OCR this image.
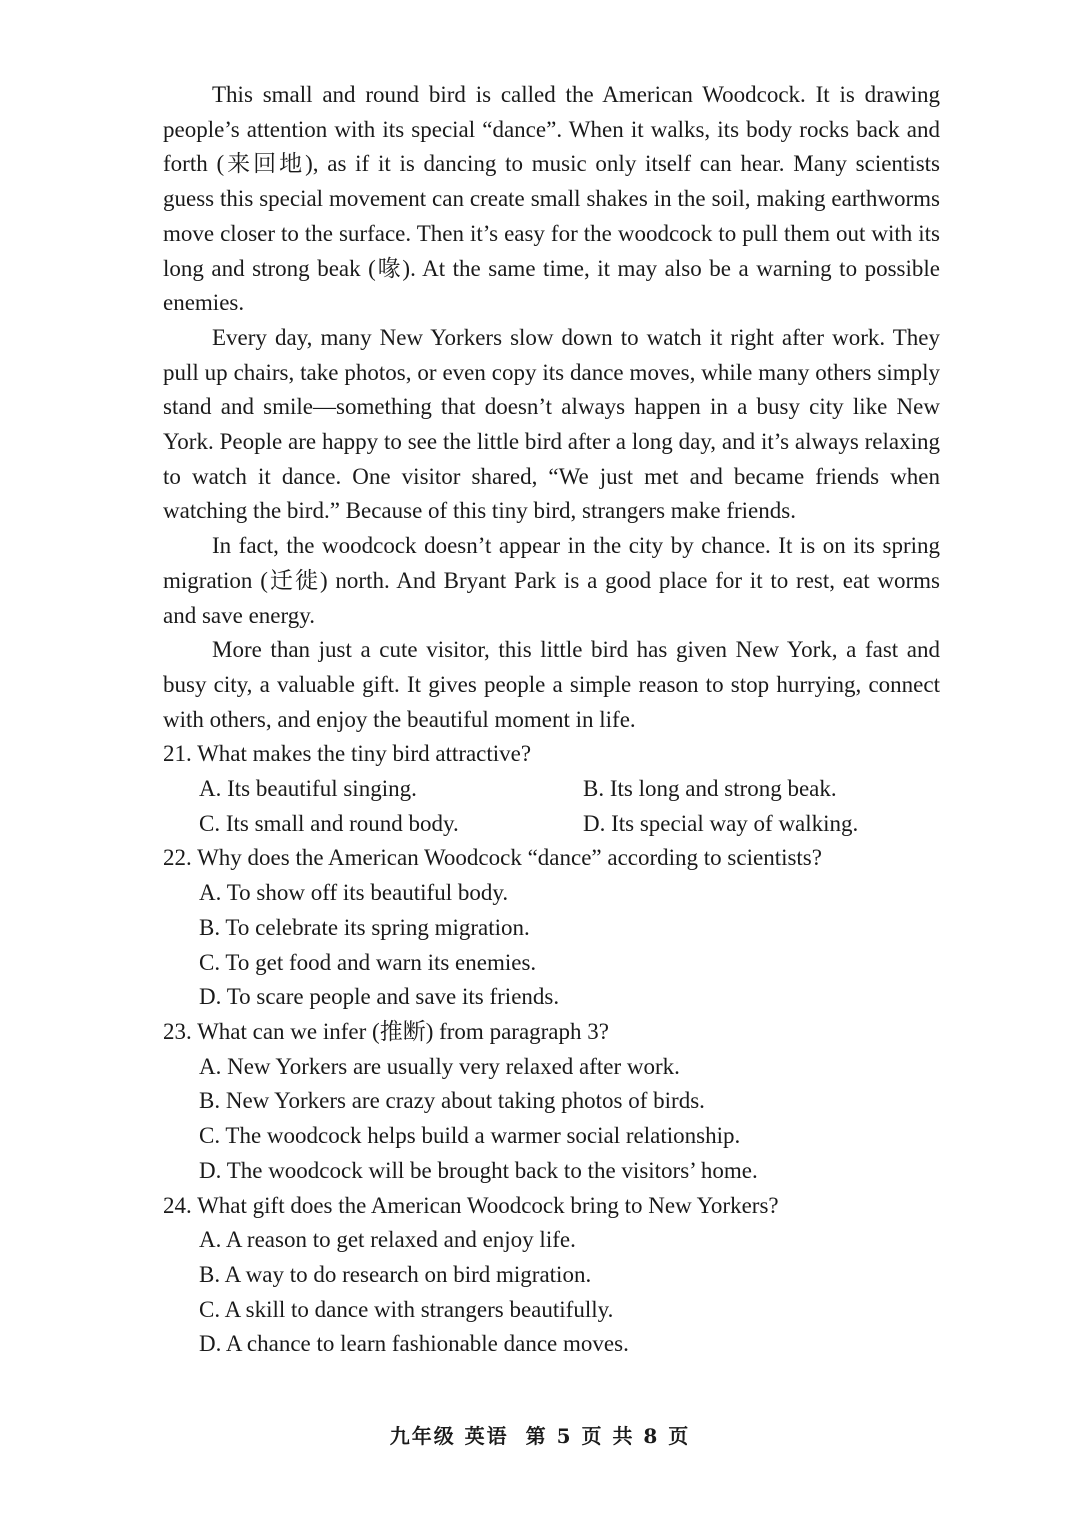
This small and round bird is called the American Woodcock. It is drawing people’s attention with its special “dance”. When it walks, its body rocks back and forth (来回地), as if it is dancing to music only itself can hear. Many scientists guess this special movement can create small shakes in the soil, making earthworms move closer to the surface. Then it’s easy for the woodcock to pull them out with its long and strong beak (喙). At the same time, it may also be a warning to possible enemies.

Every day, many New Yorkers slow down to watch it right after work. They pull up chairs, take photos, or even copy its dance moves, while many others simply stand and smile—something that doesn’t always happen in a busy city like New York. People are happy to see the little bird after a long day, and it’s always relaxing to watch it dance. One visitor shared, “We just met and became friends when watching the bird.” Because of this tiny bird, strangers make friends.

In fact, the woodcock doesn’t appear in the city by chance. It is on its spring migration (迁徙) north. And Bryant Park is a good place for it to rest, eat worms and save energy.

More than just a cute visitor, this little bird has given New York, a fast and busy city, a valuable gift. It gives people a simple reason to stop hurrying, connect with others, and enjoy the beautiful moment in life.

21. What makes the tiny bird attractive?

A. Its beautiful singing.	B. Its long and strong beak.

C. Its small and round body.	D. Its special way of walking.

22. Why does the American Woodcock “dance” according to scientists?

A. To show off its beautiful body.

B. To celebrate its spring migration.

C. To get food and warn its enemies.

D. To scare people and save its friends.

23. What can we infer (推断) from paragraph 3?

A. New Yorkers are usually very relaxed after work.

B. New Yorkers are crazy about taking photos of birds.

C. The woodcock helps build a warmer social relationship.

D. The woodcock will be brought back to the visitors’ home.

24. What gift does the American Woodcock bring to New Yorkers?

A. A reason to get relaxed and enjoy life.

B. A way to do research on bird migration.

C. A skill to dance with strangers beautifully.

D. A chance to learn fashionable dance moves.

九年级 英语 第 5 页 共 8 页
